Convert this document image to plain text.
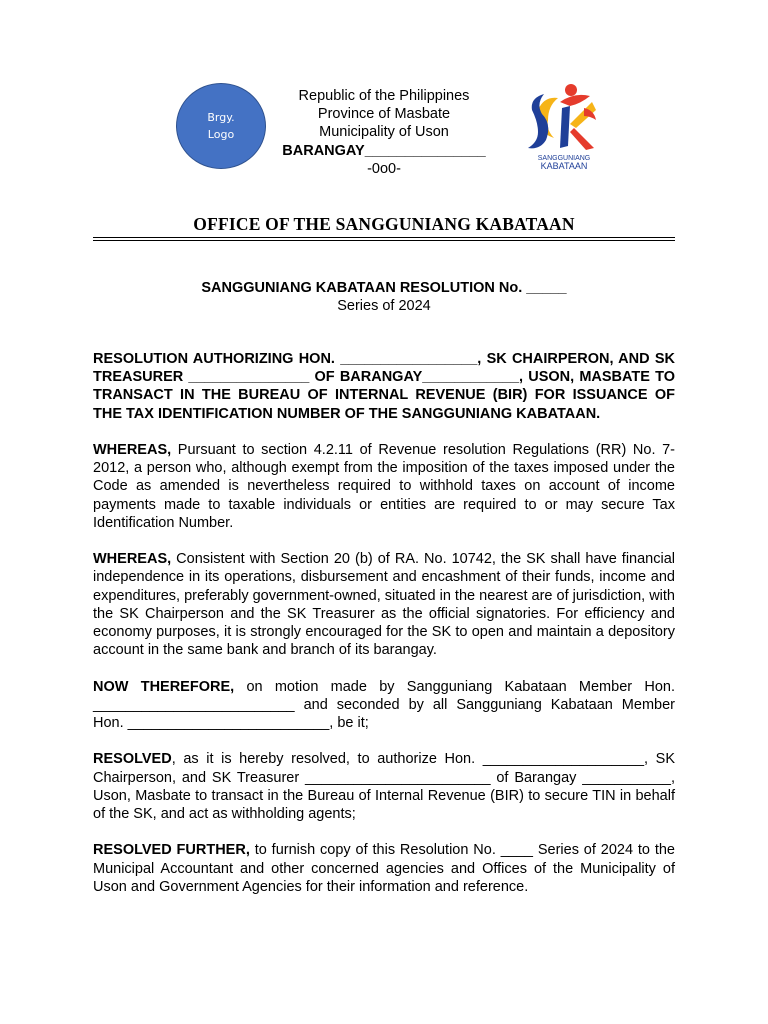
Brgy.
Logo
Republic of the Philippines
Province of Masbate
Municipality of Uson
BARANGAY_______________
-0o0-
SANGGUNIANG
KABATAAN
OFFICE OF THE SANGGUNIANG KABATAAN
SANGGUNIANG KABATAAN RESOLUTION No. _____
Series of 2024

RESOLUTION AUTHORIZING HON. _________________, SK CHAIRPERON, AND SK TREASURER _______________ OF BARANGAY____________, USON, MASBATE TO TRANSACT IN THE BUREAU OF INTERNAL REVENUE (BIR) FOR ISSUANCE OF THE TAX IDENTIFICATION NUMBER OF THE SANGGUNIANG KABATAAN.

WHEREAS, Pursuant to section 4.2.11 of Revenue resolution Regulations (RR) No. 7-2012, a person who, although exempt from the imposition of the taxes imposed under the Code as amended is nevertheless required to withhold taxes on account of income payments made to taxable individuals or entities are required to or may secure Tax Identification Number.

WHEREAS, Consistent with Section 20 (b) of RA. No. 10742, the SK shall have financial independence in its operations, disbursement and encashment of their funds, income and expenditures, preferably government-owned, situated in the nearest are of jurisdiction, with the SK Chairperson and the SK Treasurer as the official signatories. For efficiency and economy purposes, it is strongly encouraged for the SK to open and maintain a depository account in the same bank and branch of its barangay.

NOW THEREFORE, on motion made by Sangguniang Kabataan Member Hon. _________________________ and seconded by all Sangguniang Kabataan Member Hon. _________________________, be it;

RESOLVED, as it is hereby resolved, to authorize Hon. ____________________, SK Chairperson, and SK Treasurer _______________________ of Barangay ___________, Uson, Masbate to transact in the Bureau of Internal Revenue (BIR) to secure TIN in behalf of the SK, and act as withholding agents;

RESOLVED FURTHER, to furnish copy of this Resolution No. ____ Series of 2024 to the Municipal Accountant and other concerned agencies and Offices of the Municipality of Uson and Government Agencies for their information and reference.
